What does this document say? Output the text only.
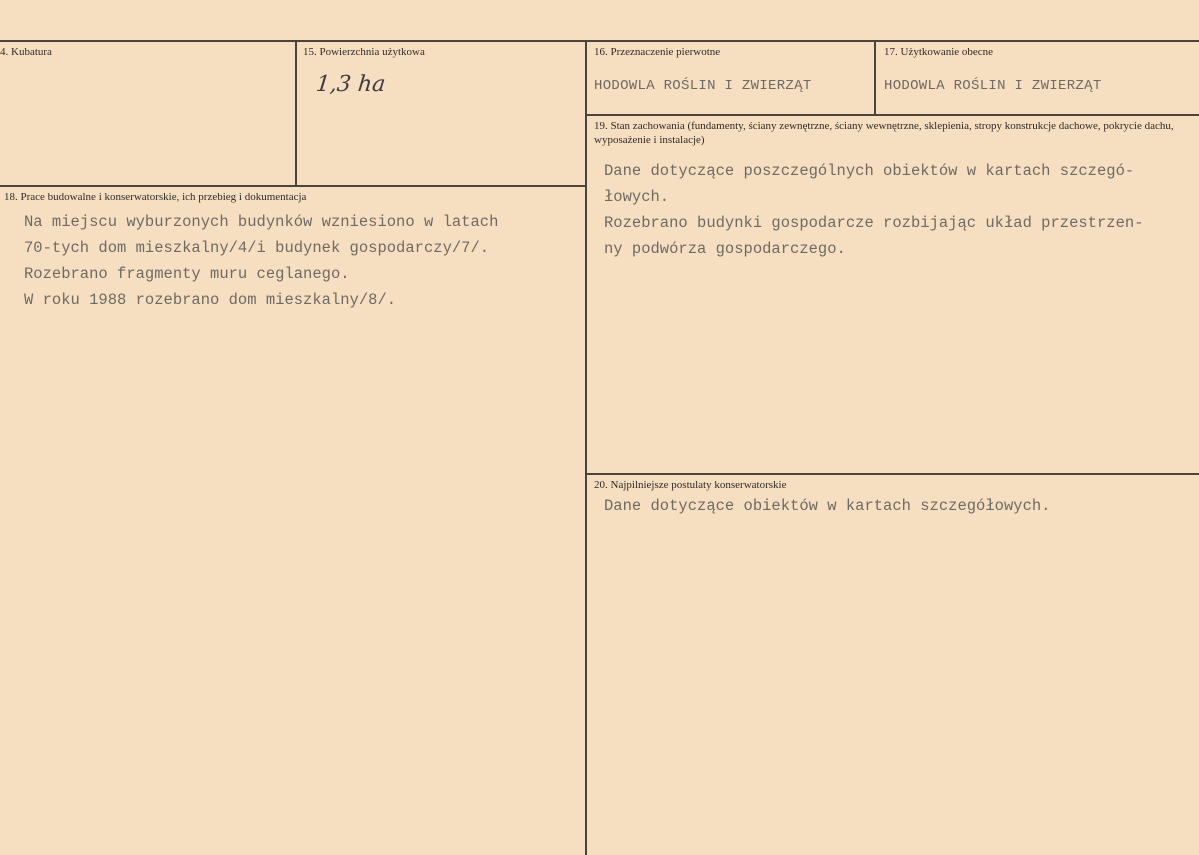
4. Kubatura	15. Powierzchnia użytkowa
1,3 ha
16. Przeznaczenie pierwotne
HODOWLA ROŚLIN I ZWIERZĄT
17. Użytkowanie obecne
HODOWLA ROŚLIN I ZWIERZĄT
19. Stan zachowania (fundamenty, ściany zewnętrzne, ściany wewnętrzne, sklepienia, stropy konstrukcje dachowe, pokrycie dachu, wyposażenie i instalacje)
Dane dotyczące poszczególnych obiektów w kartach szczegó-
łowych.
Rozebrano budynki gospodarcze rozbijając układ przestrzen-
ny podwórza gospodarczego.
18. Prace budowalne i konserwatorskie, ich przebieg i dokumentacja
Na miejscu wyburzonych budynków wzniesiono w latach
70-tych dom mieszkalny/4/i budynek gospodarczy/7/.
Rozebrano fragmenty muru ceglanego.
W roku 1988 rozebrano dom mieszkalny/8/.
20. Najpilniejsze postulaty konserwatorskie
Dane dotyczące obiektów w kartach szczegółowych.
